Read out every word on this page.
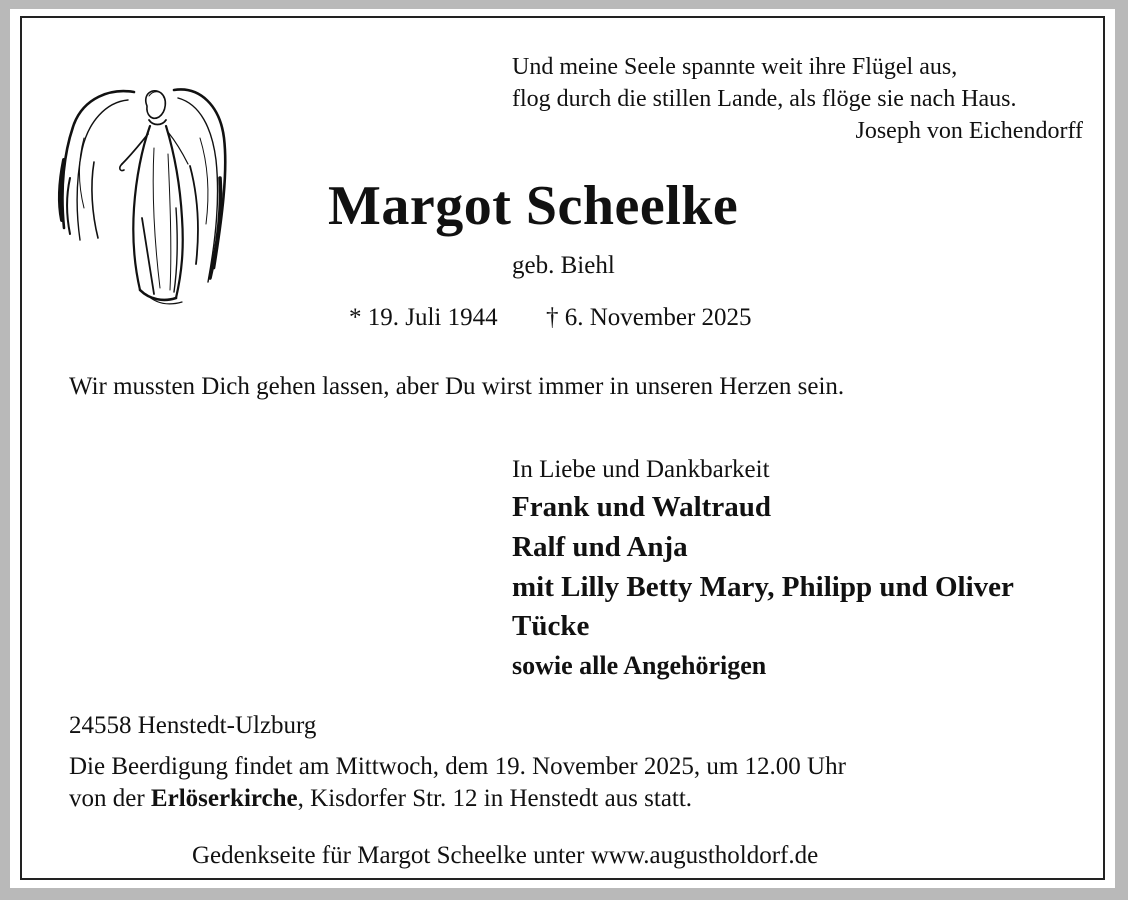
Und meine Seele spannte weit ihre Flügel aus,
flog durch die stillen Lande, als flöge sie nach Haus.
Joseph von Eichendorff
Margot Scheelke
geb. Biehl
* 19. Juli 1944 † 6. November 2025
Wir mussten Dich gehen lassen, aber Du wirst immer in unseren Herzen sein.
In Liebe und Dankbarkeit
Frank und Waltraud
Ralf und Anja
mit Lilly Betty Mary, Philipp und Oliver
Tücke
sowie alle Angehörigen
24558 Henstedt-Ulzburg
Die Beerdigung findet am Mittwoch, dem 19. November 2025, um 12.00 Uhr
von der Erlöserkirche, Kisdorfer Str. 12 in Henstedt aus statt.
Gedenkseite für Margot Scheelke unter www.augustholdorf.de
